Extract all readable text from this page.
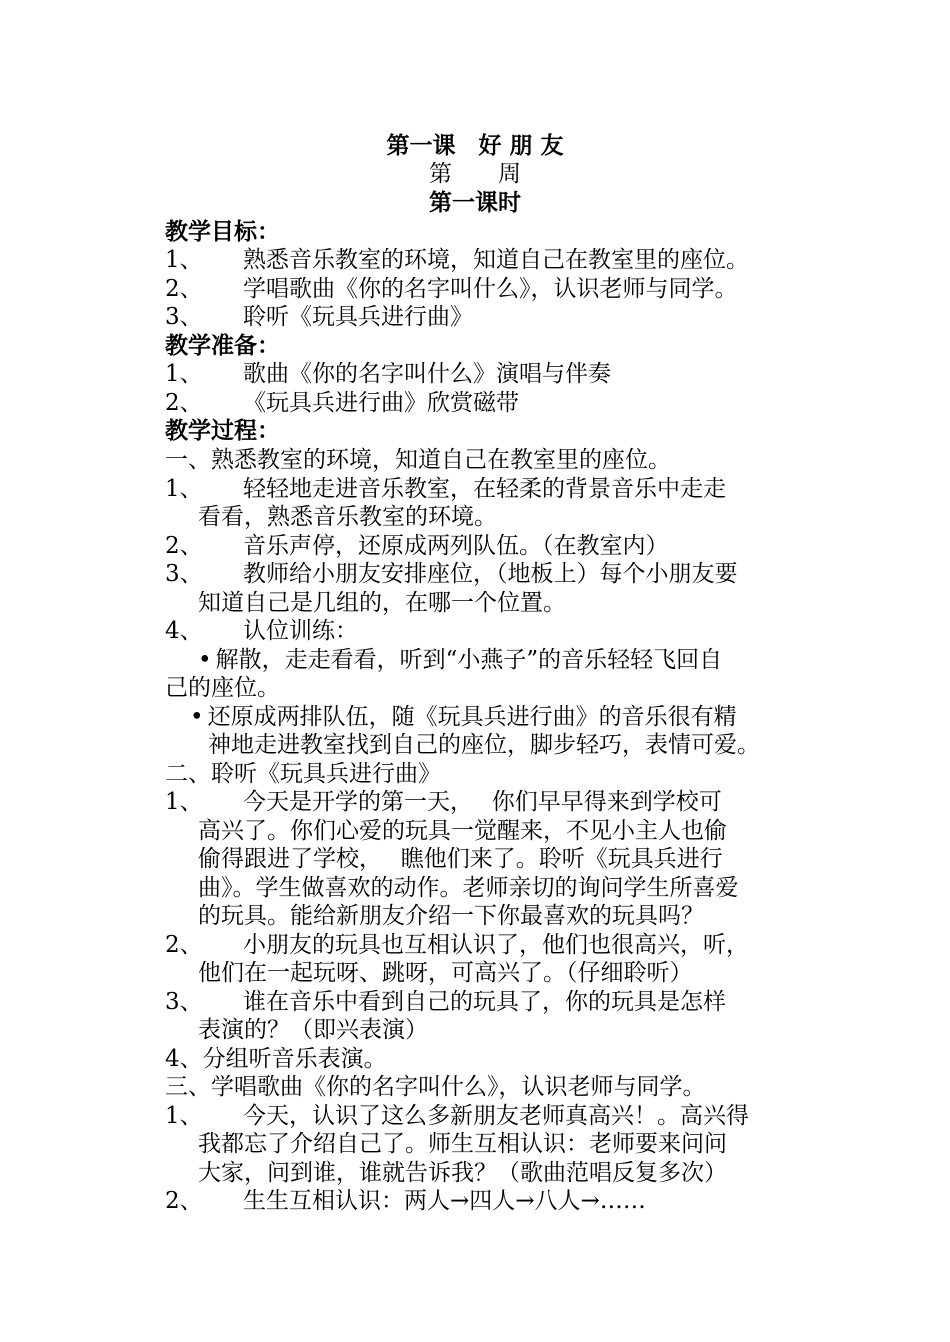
第一课　好 朋 友
第　　周
第一课时
教学目标：
1、 熟悉音乐教室的环境，知道自己在教室里的座位。
2、 学唱歌曲《你的名字叫什么》，认识老师与同学。
3、 聆听《玩具兵进行曲》
教学准备：
1、 歌曲《你的名字叫什么》演唱与伴奏
2、 《玩具兵进行曲》欣赏磁带
教学过程：
一、熟悉教室的环境，知道自己在教室里的座位。
1、 轻轻地走进音乐教室，在轻柔的背景音乐中走走
看看，熟悉音乐教室的环境。
2、 音乐声停，还原成两列队伍。（在教室内）
3、 教师给小朋友安排座位，（地板上）每个小朋友要
知道自己是几组的，在哪一个位置。
4、 认位训练：
• 解散，走走看看，听到“小燕子”的音乐轻轻飞回自
己的座位。
• 还原成两排队伍，随《玩具兵进行曲》的音乐很有精
神地走进教室找到自己的座位，脚步轻巧，表情可爱。
二、聆听《玩具兵进行曲》
1、 今天是开学的第一天，　 你们早早得来到学校可
高兴了。你们心爱的玩具一觉醒来，不见小主人也偷
偷得跟进了学校，　 瞧他们来了。聆听《玩具兵进行
曲》。学生做喜欢的动作。老师亲切的询问学生所喜爱
的玩具。能给新朋友介绍一下你最喜欢的玩具吗？
2、 小朋友的玩具也互相认识了，他们也很高兴，听，
他们在一起玩呀、跳呀，可高兴了。（仔细聆听）
3、 谁在音乐中看到自己的玩具了，你的玩具是怎样
表演的？（即兴表演）
4、分组听音乐表演。
三、学唱歌曲《你的名字叫什么》，认识老师与同学。
1、 今天，认识了这么多新朋友老师真高兴！。高兴得
我都忘了介绍自己了。师生互相认识：老师要来问问
大家，问到谁，谁就告诉我？（歌曲范唱反复多次）
2、 生生互相认识：两人→四人→八人→……
